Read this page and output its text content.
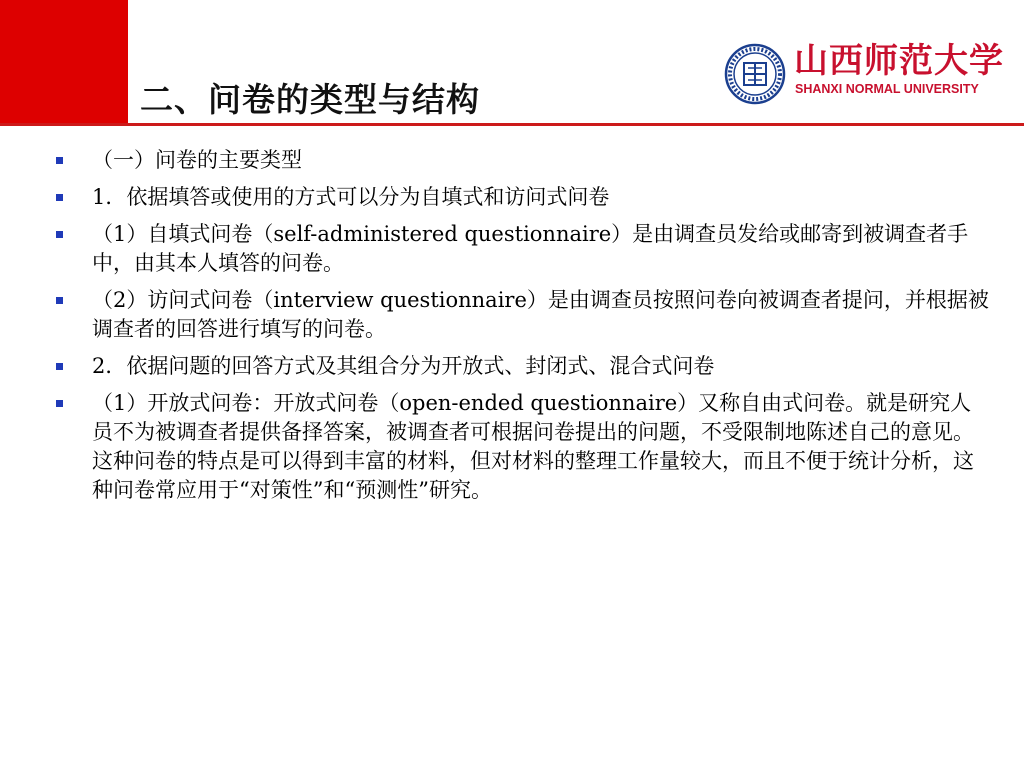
二、问卷的类型与结构
山西师范大学
SHANXI NORMAL UNIVERSITY
（一）问卷的主要类型
1．依据填答或使用的方式可以分为自填式和访问式问卷
（1）自填式问卷（self-administered questionnaire）是由调查员发给或邮寄到被调查者手中，由其本人填答的问卷。
（2）访问式问卷（interview questionnaire）是由调查员按照问卷向被调查者提问，并根据被调查者的回答进行填写的问卷。
2．依据问题的回答方式及其组合分为开放式、封闭式、混合式问卷
（1）开放式问卷：开放式问卷（open-ended questionnaire）又称自由式问卷。就是研究人员不为被调查者提供备择答案，被调查者可根据问卷提出的问题，不受限制地陈述自己的意见。这种问卷的特点是可以得到丰富的材料，但对材料的整理工作量较大，而且不便于统计分析，这种问卷常应用于“对策性”和“预测性”研究。
